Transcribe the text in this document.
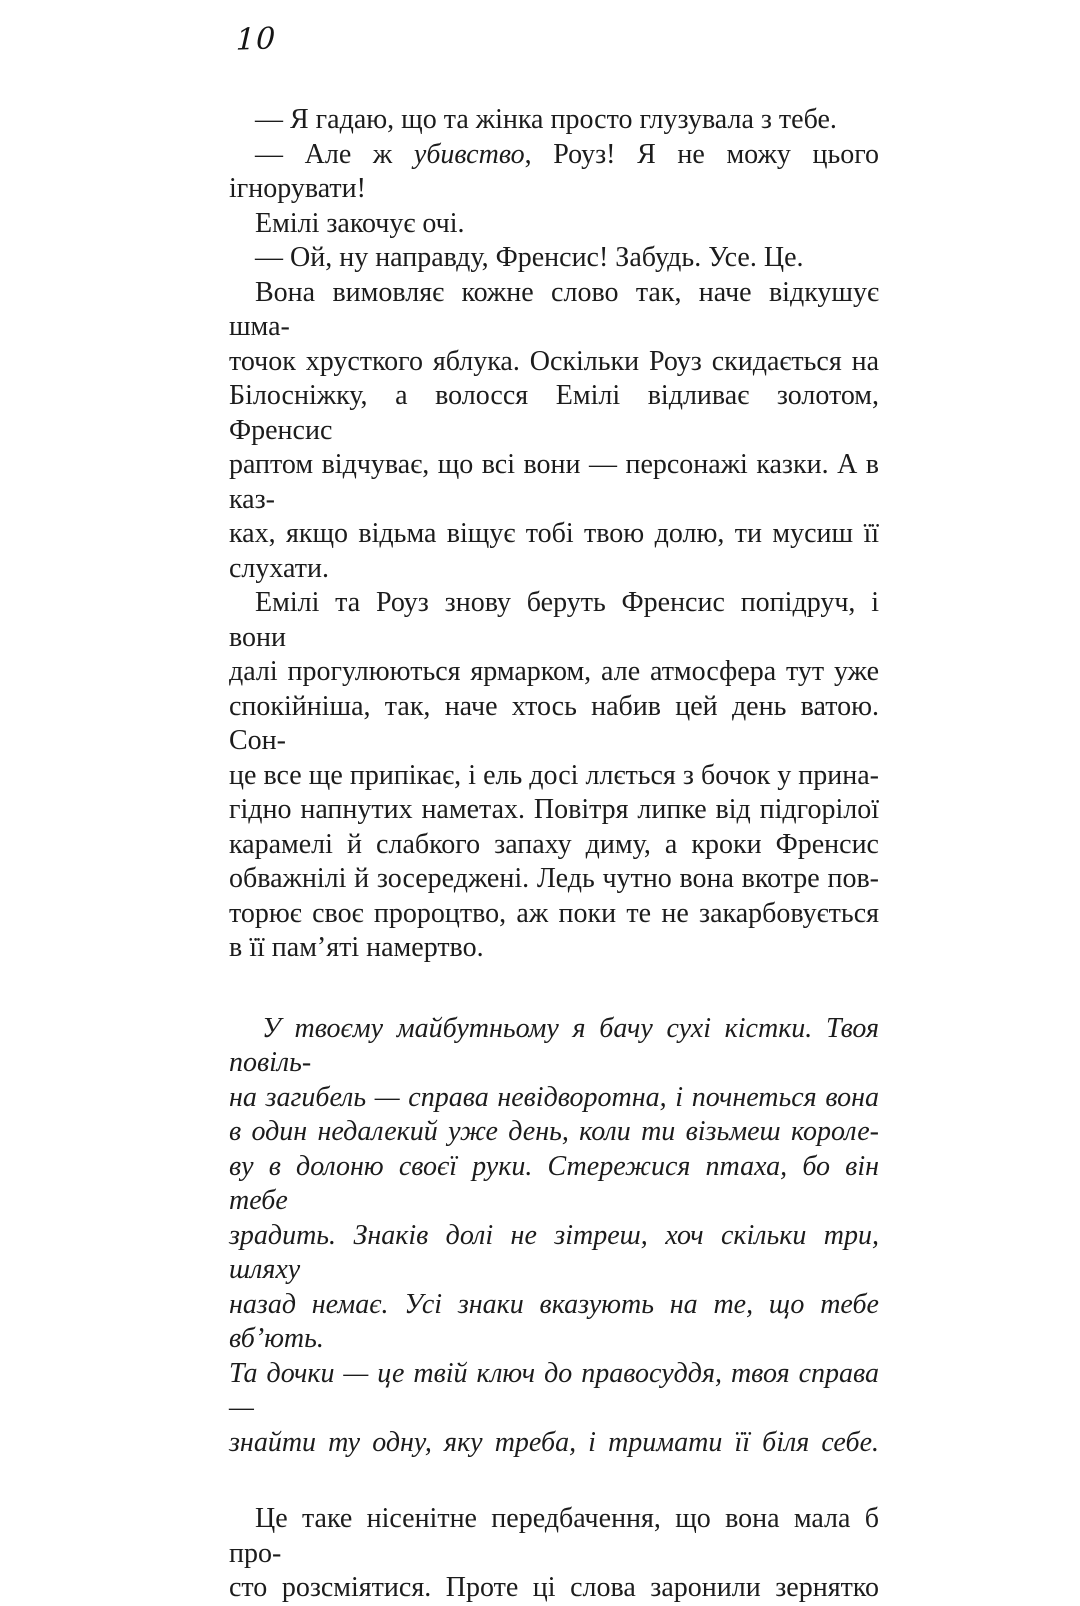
10
— Я гадаю, що та жінка просто глузувала з тебе.
— Але ж убивство, Роуз! Я не можу цього ігнорувати!
Емілі закочує очі.
— Ой, ну направду, Френсис! Забудь. Усе. Це.
Вона вимовляє кожне слово так, наче відкушує шма-
точок хрусткого яблука. Оскільки Роуз скидається на
Білосніжку, а волосся Емілі відливає золотом, Френсис
раптом відчуває, що всі вони — персонажі казки. А в каз-
ках, якщо відьма віщує тобі твою долю, ти мусиш її
слухати.
Емілі та Роуз знову беруть Френсис попідруч, і вони
далі прогулюються ярмарком, але атмосфера тут уже
спокійніша, так, наче хтось набив цей день ватою. Сон-
це все ще припікає, і ель досі ллється з бочок у прина-
гідно напнутих наметах. Повітря липке від підгорілої
карамелі й слабкого запаху диму, а кроки Френсис
обважнілі й зосереджені. Ледь чутно вона вкотре пов-
торює своє пророцтво, аж поки те не закарбовується
в її пам’яті намертво.
У твоєму майбутньому я бачу сухі кістки. Твоя повіль-
на загибель — справа невідворотна, і почнеться вона
в один недалекий уже день, коли ти візьмеш короле-
ву в долоню своєї руки. Стережися птаха, бо він тебе
зрадить. Знаків долі не зітреш, хоч скільки три, шляху
назад немає. Усі знаки вказують на те, що тебе вб’ють.
Та дочки — це твій ключ до правосуддя, твоя справа —
знайти ту одну, яку треба, і тримати її біля себе.
Це таке нісенітне передбачення, що вона мала б про-
сто розсміятися. Проте ці слова заронили зернятко
